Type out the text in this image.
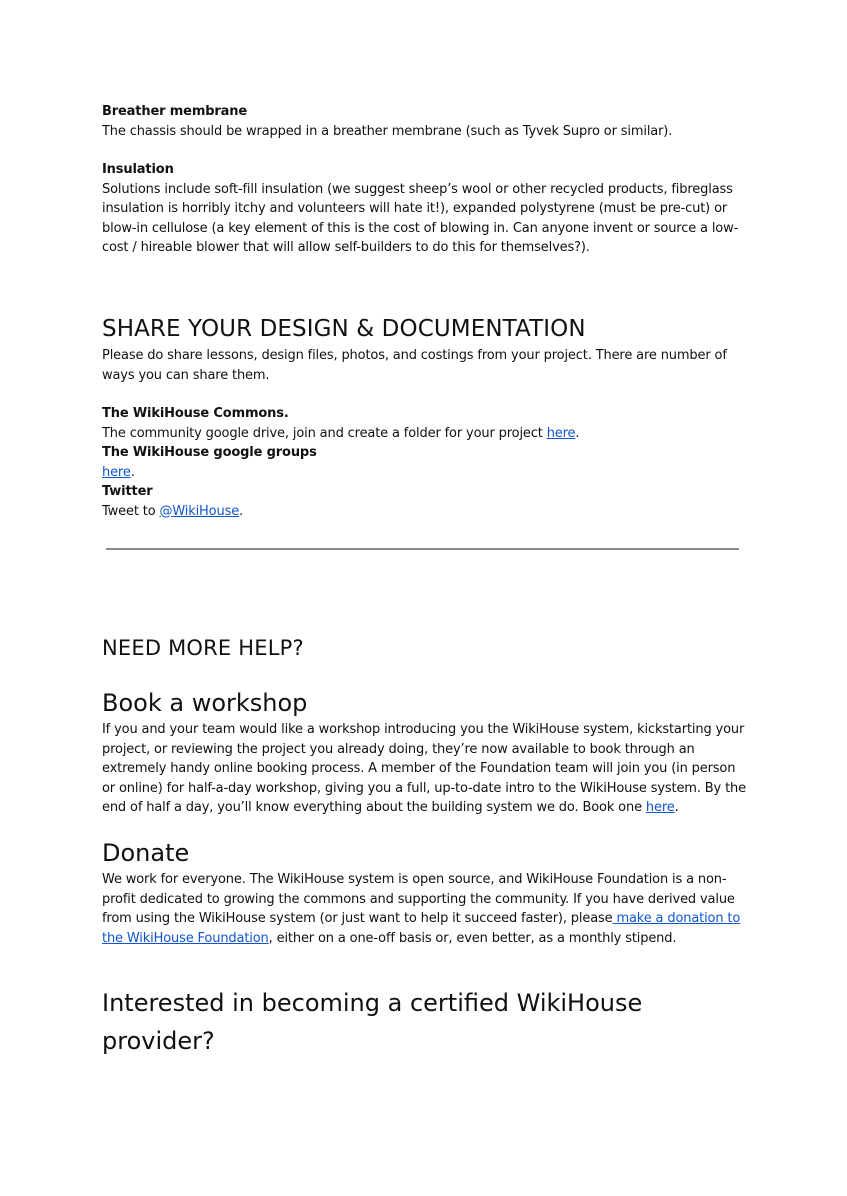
Breather membrane

The chassis should be wrapped in a breather membrane (such as Tyvek Supro or similar).

Insulation

Solutions include soft-fill insulation (we suggest sheep’s wool or other recycled products, fibreglass insulation is horribly itchy and volunteers will hate it!), expanded polystyrene (must be pre-cut) or blow-in cellulose (a key element of this is the cost of blowing in. Can anyone invent or source a low-cost / hireable blower that will allow self-builders to do this for themselves?).

SHARE YOUR DESIGN & DOCUMENTATION

Please do share lessons, design files, photos, and costings from your project. There are number of ways you can share them.

The WikiHouse Commons.

The community google drive, join and create a folder for your project here.

The WikiHouse google groups

here.

Twitter

Tweet to @WikiHouse.

NEED MORE HELP?
Book a workshop

If you and your team would like a workshop introducing you the WikiHouse system, kickstarting your project, or reviewing the project you already doing, they’re now available to book through an extremely handy online booking process. A member of the Foundation team will join you (in person or online) for half-a-day workshop, giving you a full, up-to-date intro to the WikiHouse system. By the end of half a day, you’ll know everything about the building system we do. Book one here.

Donate

We work for everyone. The WikiHouse system is open source, and WikiHouse Foundation is a non-profit dedicated to growing the commons and supporting the community. If you have derived value from using the WikiHouse system (or just want to help it succeed faster), please make a donation to the WikiHouse Foundation, either on a one-off basis or, even better, as a monthly stipend.

Interested in becoming a certified WikiHouse provider?
